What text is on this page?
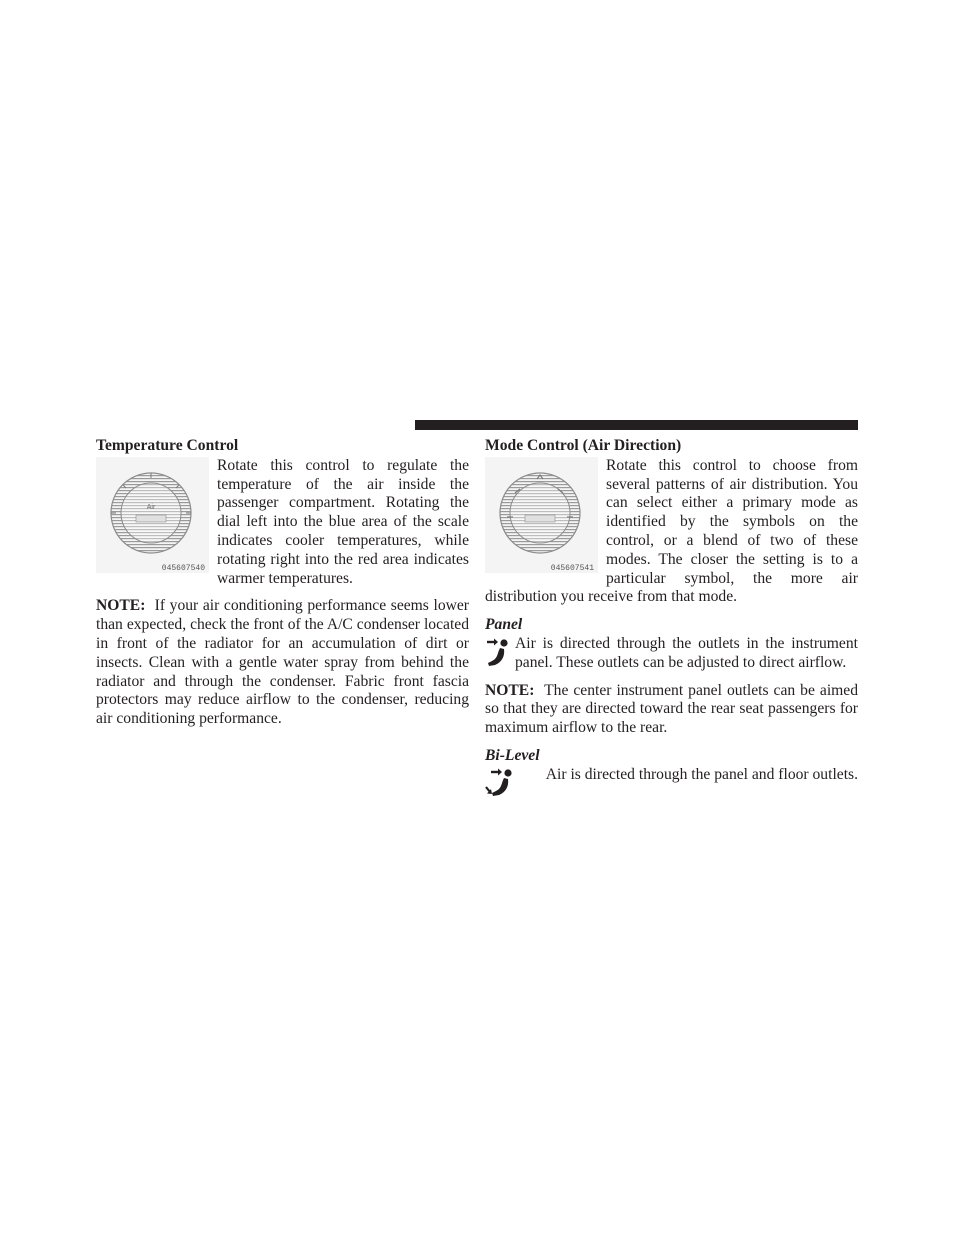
Temperature Control
Air
045607540

Rotate this control to regulate the temperature of the air inside the passenger compartment. Rotating the dial left into the blue area of the scale indicates cooler temperatures, while rotating right into the red area indicates warmer temperatures.

NOTE: If your air conditioning performance seems lower than expected, check the front of the A/C condenser located in front of the radiator for an accumulation of dirt or insects. Clean with a gentle water spray from behind the radiator and through the condenser. Fabric front fascia protectors may reduce airflow to the condenser, reducing air conditioning performance.

Mode Control (Air Direction)
045607541

Rotate this control to choose from several patterns of air distribution. You can select either a primary mode as identified by the symbols on the control, or a blend of two of these modes. The closer the setting is to a particular symbol, the more air distribution you receive from that mode.

Panel

Air is directed through the outlets in the instrument panel. These outlets can be adjusted to direct airflow.

NOTE: The center instrument panel outlets can be aimed so that they are directed toward the rear seat passengers for maximum airflow to the rear.

Bi-Level

Air is directed through the panel and floor outlets.
